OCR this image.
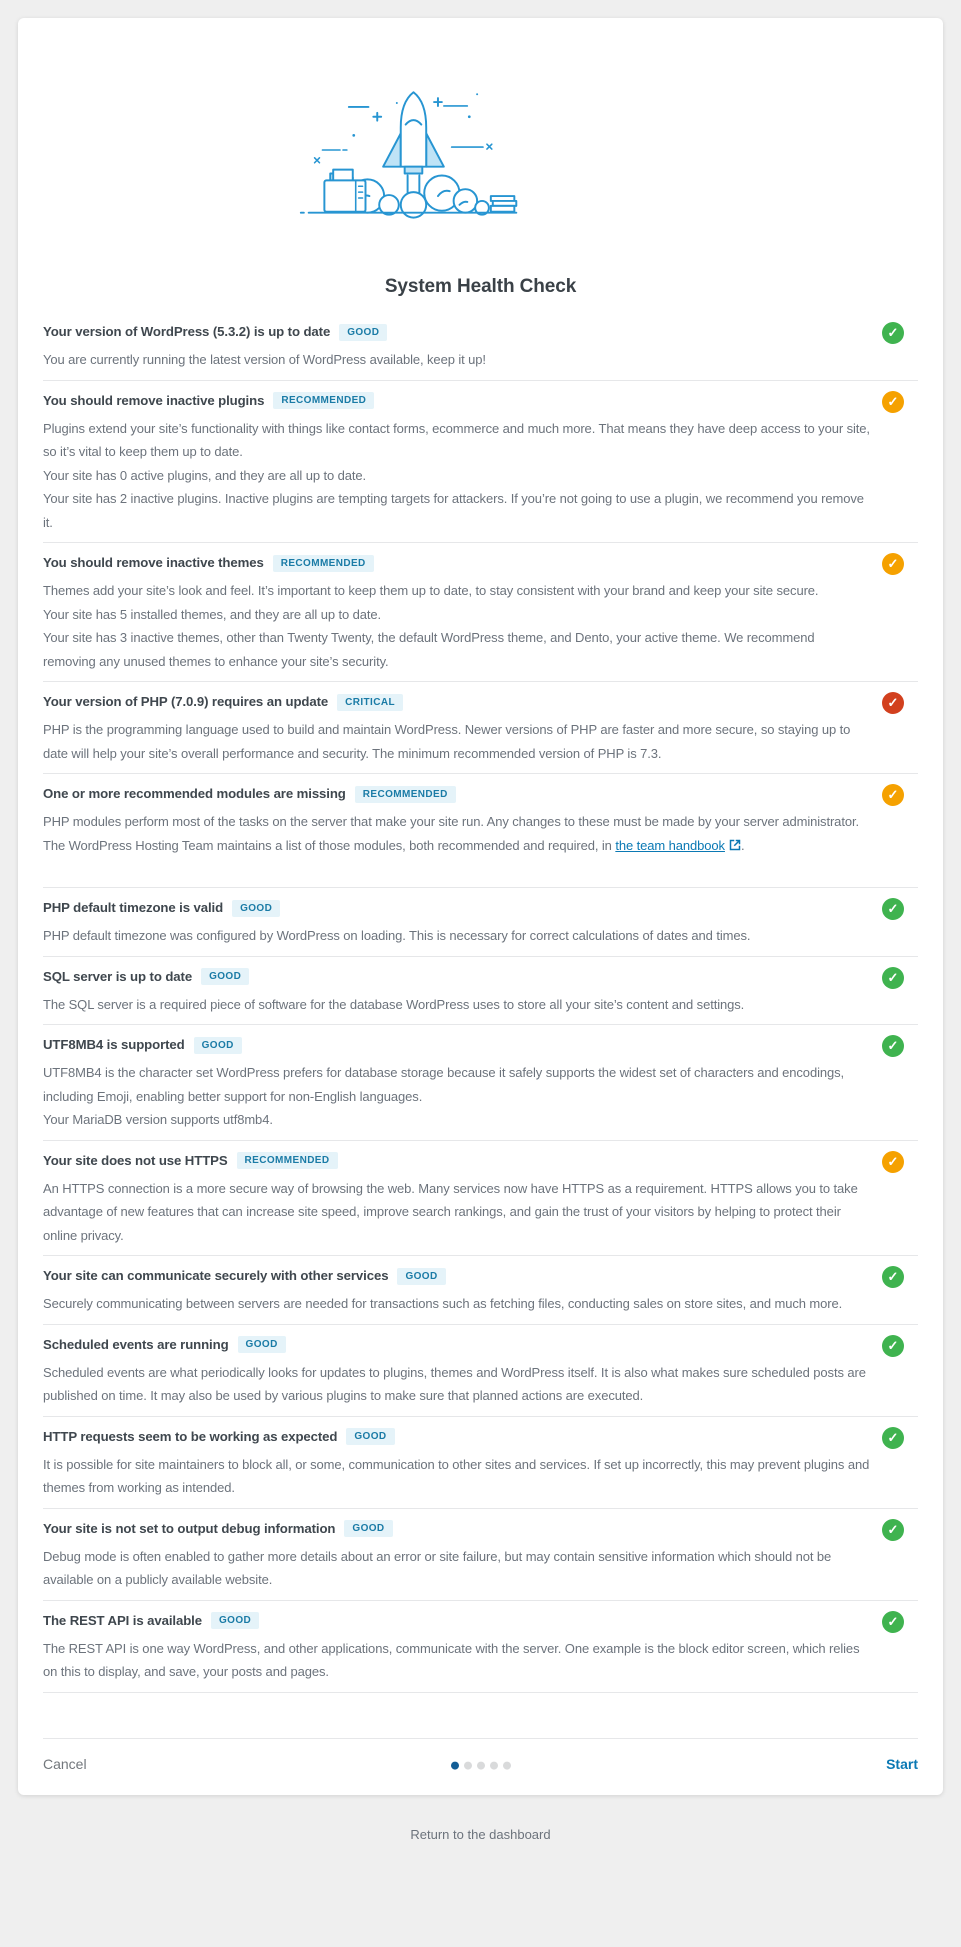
System Health Check
✓
Your version of WordPress (5.3.2) is up to date	GOOD

You are currently running the latest version of WordPress available, keep it up!

✓
You should remove inactive plugins	RECOMMENDED

Plugins extend your site’s functionality with things like contact forms, ecommerce and much more. That means they have deep access to your site, so it’s vital to keep them up to date.

Your site has 0 active plugins, and they are all up to date.

Your site has 2 inactive plugins. Inactive plugins are tempting targets for attackers. If you’re not going to use a plugin, we recommend you remove it.

✓
You should remove inactive themes	RECOMMENDED

Themes add your site’s look and feel. It’s important to keep them up to date, to stay consistent with your brand and keep your site secure.

Your site has 5 installed themes, and they are all up to date.

Your site has 3 inactive themes, other than Twenty Twenty, the default WordPress theme, and Dento, your active theme. We recommend removing any unused themes to enhance your site’s security.

✓
Your version of PHP (7.0.9) requires an update	CRITICAL

PHP is the programming language used to build and maintain WordPress. Newer versions of PHP are faster and more secure, so staying up to date will help your site’s overall performance and security. The minimum recommended version of PHP is 7.3.

✓
One or more recommended modules are missing	RECOMMENDED

PHP modules perform most of the tasks on the server that make your site run. Any changes to these must be made by your server administrator.

The WordPress Hosting Team maintains a list of those modules, both recommended and required, in the team handbook .

✓
PHP default timezone is valid	GOOD

PHP default timezone was configured by WordPress on loading. This is necessary for correct calculations of dates and times.

✓
SQL server is up to date	GOOD

The SQL server is a required piece of software for the database WordPress uses to store all your site’s content and settings.

✓
UTF8MB4 is supported	GOOD

UTF8MB4 is the character set WordPress prefers for database storage because it safely supports the widest set of characters and encodings, including Emoji, enabling better support for non-English languages.

Your MariaDB version supports utf8mb4.

✓
Your site does not use HTTPS	RECOMMENDED

An HTTPS connection is a more secure way of browsing the web. Many services now have HTTPS as a requirement. HTTPS allows you to take advantage of new features that can increase site speed, improve search rankings, and gain the trust of your visitors by helping to protect their online privacy.

✓
Your site can communicate securely with other services	GOOD

Securely communicating between servers are needed for transactions such as fetching files, conducting sales on store sites, and much more.

✓
Scheduled events are running	GOOD

Scheduled events are what periodically looks for updates to plugins, themes and WordPress itself. It is also what makes sure scheduled posts are published on time. It may also be used by various plugins to make sure that planned actions are executed.

✓
HTTP requests seem to be working as expected	GOOD

It is possible for site maintainers to block all, or some, communication to other sites and services. If set up incorrectly, this may prevent plugins and themes from working as intended.

✓
Your site is not set to output debug information	GOOD

Debug mode is often enabled to gather more details about an error or site failure, but may contain sensitive information which should not be available on a publicly available website.

✓
The REST API is available	GOOD

The REST API is one way WordPress, and other applications, communicate with the server. One example is the block editor screen, which relies on this to display, and save, your posts and pages.

Cancel	Start
Return to the dashboard
